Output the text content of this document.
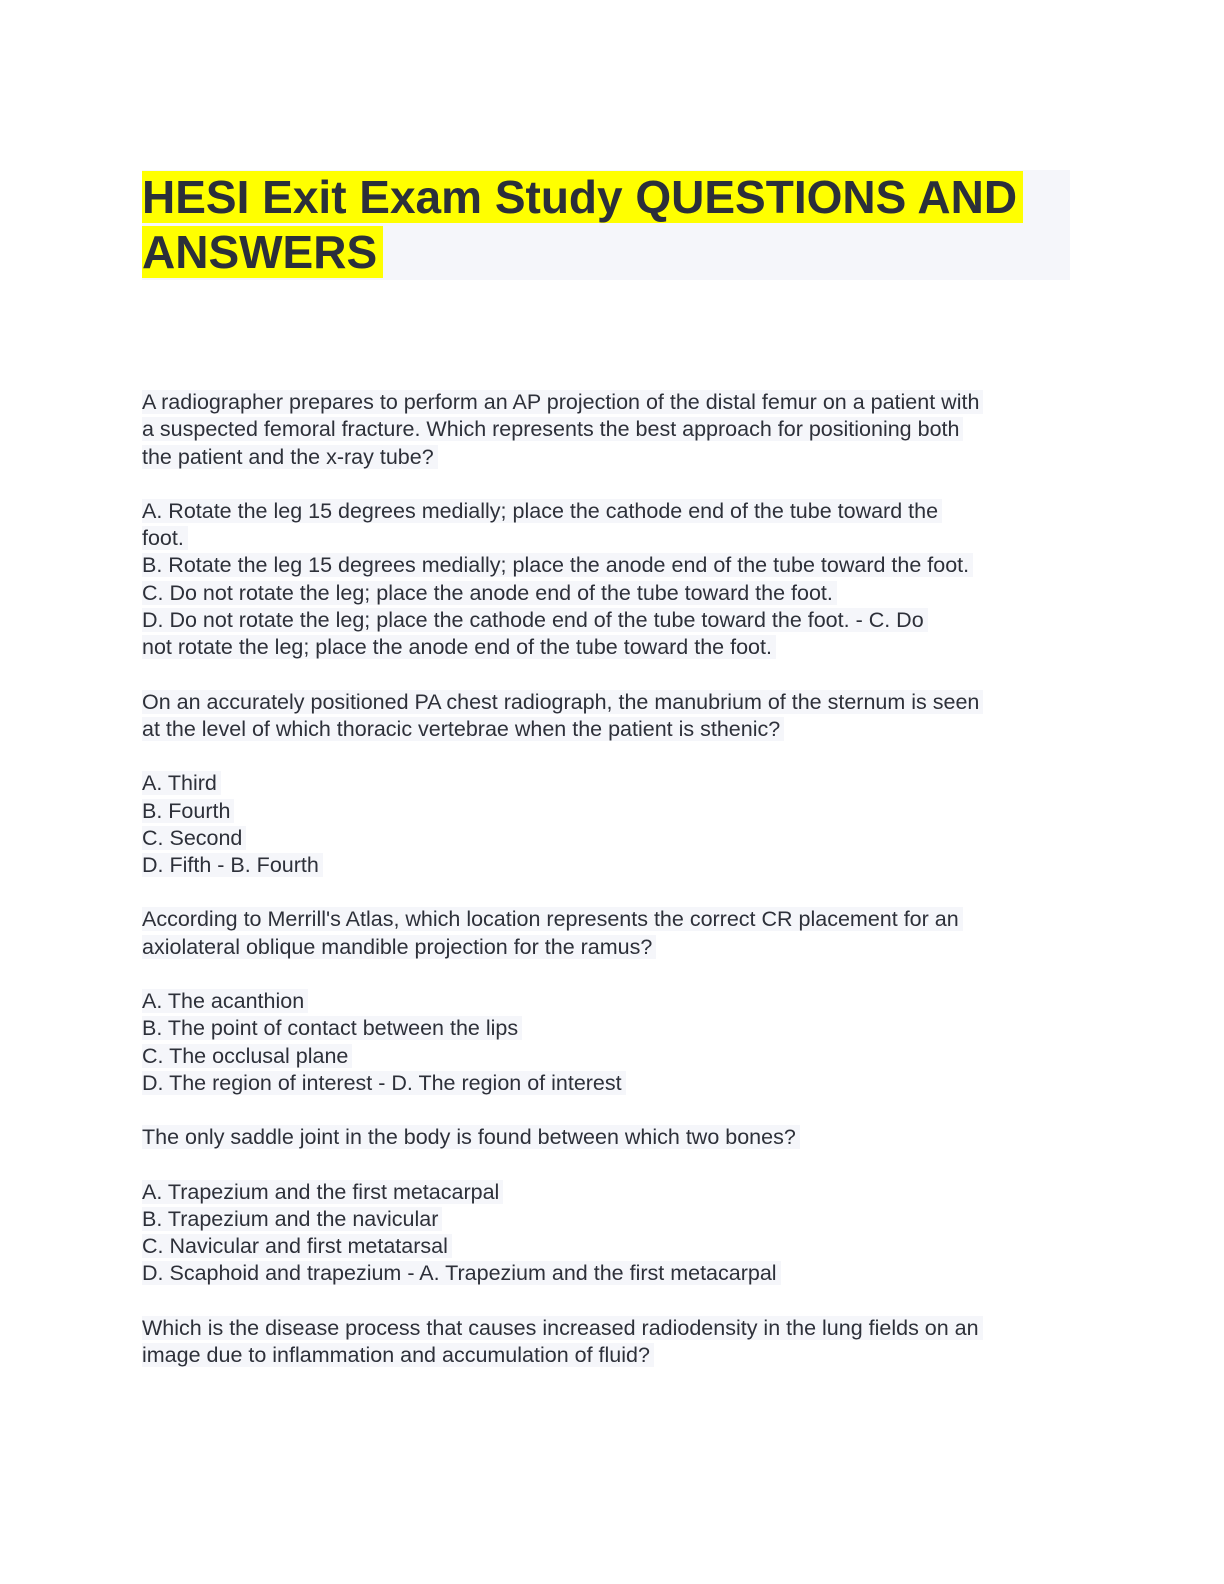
HESI Exit Exam Study QUESTIONS AND
ANSWERS
A radiographer prepares to perform an AP projection of the distal femur on a patient with
a suspected femoral fracture. Which represents the best approach for positioning both
the patient and the x-ray tube?
A. Rotate the leg 15 degrees medially; place the cathode end of the tube toward the
foot.
B. Rotate the leg 15 degrees medially; place the anode end of the tube toward the foot.
C. Do not rotate the leg; place the anode end of the tube toward the foot.
D. Do not rotate the leg; place the cathode end of the tube toward the foot. - C. Do
not rotate the leg; place the anode end of the tube toward the foot.
On an accurately positioned PA chest radiograph, the manubrium of the sternum is seen
at the level of which thoracic vertebrae when the patient is sthenic?
A. Third
B. Fourth
C. Second
D. Fifth - B. Fourth
According to Merrill's Atlas, which location represents the correct CR placement for an
axiolateral oblique mandible projection for the ramus?
A. The acanthion
B. The point of contact between the lips
C. The occlusal plane
D. The region of interest - D. The region of interest
The only saddle joint in the body is found between which two bones?
A. Trapezium and the first metacarpal
B. Trapezium and the navicular
C. Navicular and first metatarsal
D. Scaphoid and trapezium - A. Trapezium and the first metacarpal
Which is the disease process that causes increased radiodensity in the lung fields on an
image due to inflammation and accumulation of fluid?
